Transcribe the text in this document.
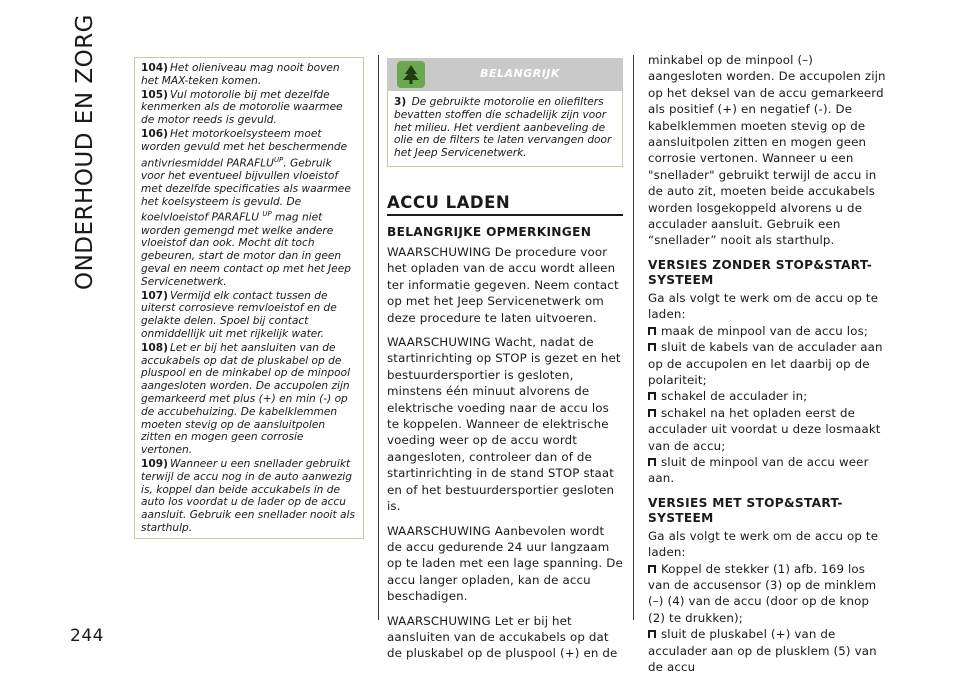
ONDERHOUD EN ZORG
244

104) Het olieniveau mag nooit boven het MAX-teken komen.

105) Vul motorolie bij met dezelfde kenmerken als de motorolie waarmee de motor reeds is gevuld.

106) Het motorkoelsysteem moet worden gevuld met het beschermende antivriesmiddel $PARAFLU^{UP}$. Gebruik voor het eventueel bijvullen vloeistof met dezelfde specificaties als waarmee het koelsysteem is gevuld. De koelvloeistof PARAFLU $^{UP}$ mag niet worden gemengd met welke andere vloeistof dan ook. Mocht dit toch gebeuren, start de motor dan in geen geval en neem contact op met het Jeep Servicenetwerk.

107) Vermijd elk contact tussen de uiterst corrosieve remvloeistof en de gelakte delen. Spoel bij contact onmiddellijk uit met rijkelijk water.

108) Let er bij het aansluiten van de accukabels op dat de pluskabel op de pluspool en de minkabel op de minpool aangesloten worden. De accupolen zijn gemarkeerd met plus (+) en min (-) op de accubehuizing. De kabelklemmen moeten stevig op de aansluitpolen zitten en mogen geen corrosie vertonen.

109) Wanneer u een snellader gebruikt terwijl de accu nog in de auto aanwezig is, koppel dan beide accukabels in de auto los voordat u de lader op de accu aansluit. Gebruik een snellader nooit als starthulp.

BELANGRIJK
3) De gebruikte motorolie en oliefilters bevatten stoffen die schadelijk zijn voor het milieu. Het verdient aanbeveling de olie en de filters te laten vervangen door het Jeep Servicenetwerk.
ACCU LADEN
BELANGRIJKE OPMERKINGEN

WAARSCHUWING De procedure voor het opladen van de accu wordt alleen ter informatie gegeven. Neem contact op met het Jeep Servicenetwerk om deze procedure te laten uitvoeren.

WAARSCHUWING Wacht, nadat de startinrichting op STOP is gezet en het bestuurdersportier is gesloten, minstens één minuut alvorens de elektrische voeding naar de accu los te koppelen. Wanneer de elektrische voeding weer op de accu wordt aangesloten, controleer dan of de startinrichting in de stand STOP staat en of het bestuurdersportier gesloten is.

WAARSCHUWING Aanbevolen wordt de accu gedurende 24 uur langzaam op te laden met een lage spanning. De accu langer opladen, kan de accu beschadigen.

WAARSCHUWING Let er bij het aansluiten van de accukabels op dat de pluskabel op de pluspool (+) en de

minkabel op de minpool (–) aangesloten worden. De accupolen zijn op het deksel van de accu gemarkeerd als positief (+) en negatief (-). De kabelklemmen moeten stevig op de aansluitpolen zitten en mogen geen corrosie vertonen. Wanneer u een "snellader" gebruikt terwijl de accu in de auto zit, moeten beide accukabels worden losgekoppeld alvorens u de acculader aansluit. Gebruik een “snellader” nooit als starthulp.

VERSIES ZONDER STOP&START-SYSTEEM

Ga als volgt te werk om de accu op te laden:

maak de minpool van de accu los;

sluit de kabels van de acculader aan op de accupolen en let daarbij op de polariteit;

schakel de acculader in;

schakel na het opladen eerst de acculader uit voordat u deze losmaakt van de accu;

sluit de minpool van de accu weer aan.

VERSIES MET STOP&START-SYSTEEM

Ga als volgt te werk om de accu op te laden:

Koppel de stekker (1) afb. 169 los van de accusensor (3) op de minklem (–) (4) van de accu (door op de knop (2) te drukken);

sluit de pluskabel (+) van de acculader aan op de plusklem (5) van de accu
